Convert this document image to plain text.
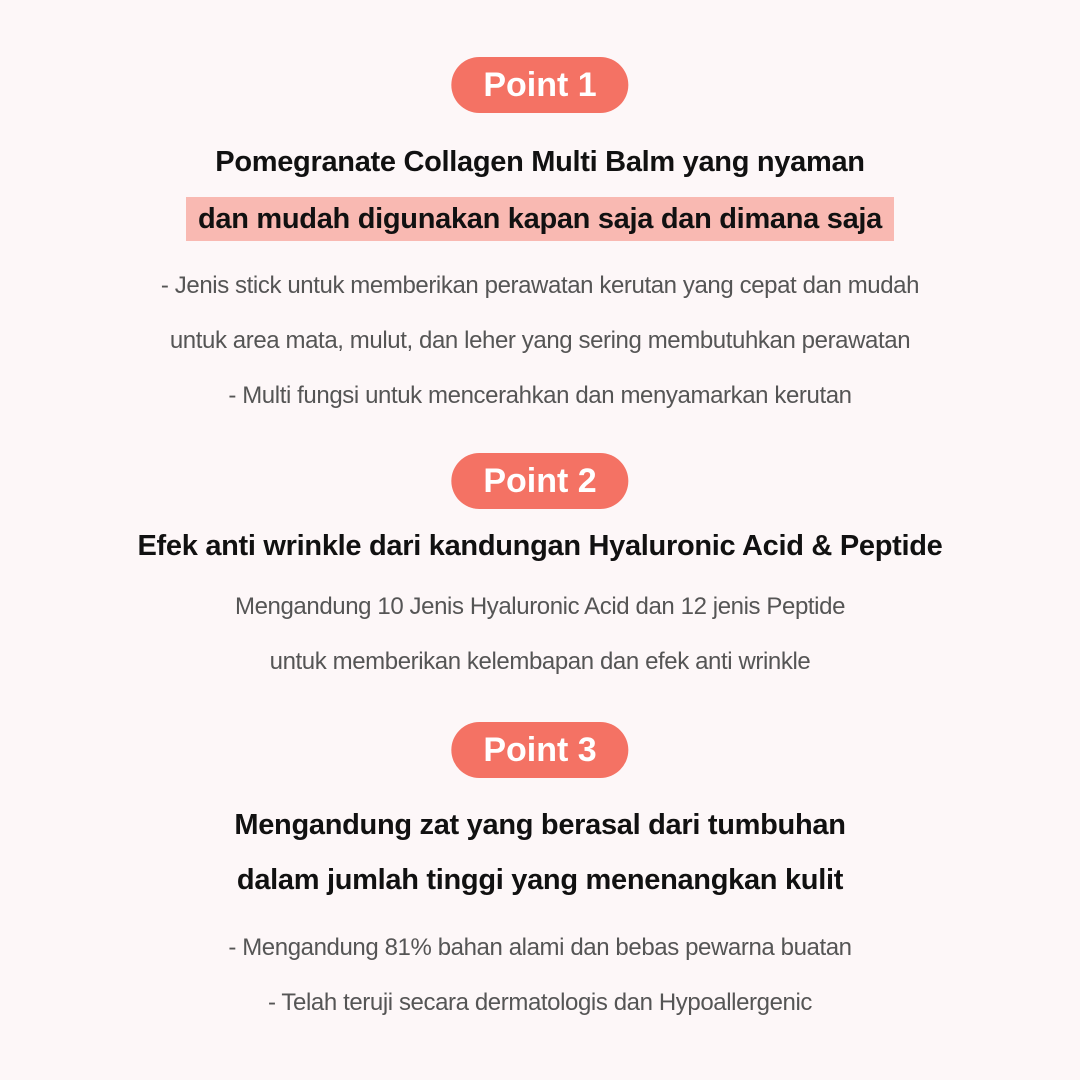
Point 1
Pomegranate Collagen Multi Balm yang nyaman
dan mudah digunakan kapan saja dan dimana saja
- Jenis stick untuk memberikan perawatan kerutan yang cepat dan mudah
untuk area mata, mulut, dan leher yang sering membutuhkan perawatan
- Multi fungsi untuk mencerahkan dan menyamarkan kerutan
Point 2
Efek anti wrinkle dari kandungan Hyaluronic Acid & Peptide
Mengandung 10 Jenis Hyaluronic Acid dan 12 jenis Peptide
untuk memberikan kelembapan dan efek anti wrinkle
Point 3
Mengandung zat yang berasal dari tumbuhan
dalam jumlah tinggi yang menenangkan kulit
- Mengandung 81% bahan alami dan bebas pewarna buatan
- Telah teruji secara dermatologis dan Hypoallergenic
